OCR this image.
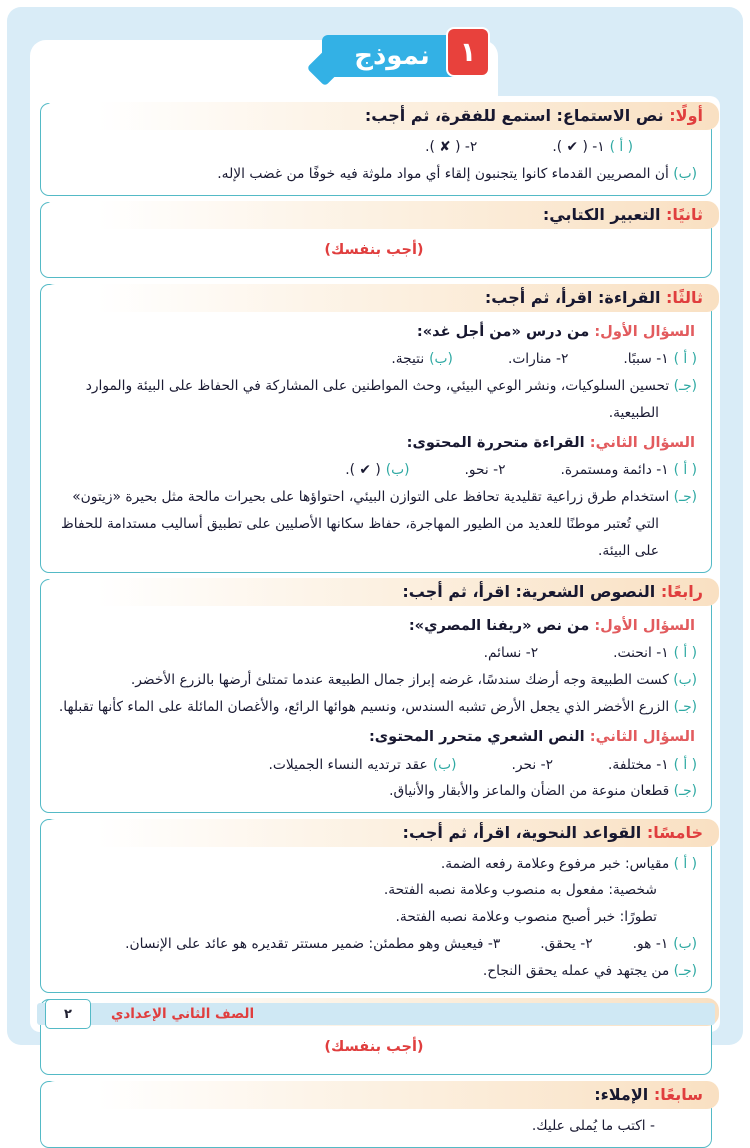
نموذج ١
أولًا: نص الاستماع: استمع للفقرة، ثم أجب:
( أ )
١- ( ✔ ).
٢- ( ✘ ).
(ب) أن المصريين القدماء كانوا يتجنبون إلقاء أي مواد ملوثة فيه خوفًا من غضب الإله.
ثانيًا: التعبير الكتابي:
(أجب بنفسك)
ثالثًا: القراءة: اقرأ، ثم أجب:
السؤال الأول: من درس «من أجل غد»:
( أ )
١- سببًا.
٢- منارات.
(ب)
نتيجة.
(جـ) تحسين السلوكيات، ونشر الوعي البيئي، وحث المواطنين على المشاركة في الحفاظ على البيئة والموارد الطبيعية.
السؤال الثاني: القراءة متحررة المحتوى:
( أ )
١- دائمة ومستمرة.
٢- نحو.
(ب)
( ✔ ).
(جـ) استخدام طرق زراعية تقليدية تحافظ على التوازن البيئي، احتواؤها على بحيرات مالحة مثل بحيرة «زيتون» التي تُعتبر موطنًا للعديد من الطيور المهاجرة، حفاظ سكانها الأصليين على تطبيق أساليب مستدامة للحفاظ على البيئة.
رابعًا: النصوص الشعرية: اقرأ، ثم أجب:
السؤال الأول: من نص «ريفنا المصري»:
( أ )
١- انحنت.
٢- نسائم.
(ب) كست الطبيعة وجه أرضك سندسًا، غرضه إبراز جمال الطبيعة عندما تمتلئ أرضها بالزرع الأخضر.
(جـ) الزرع الأخضر الذي يجعل الأرض تشبه السندس، ونسيم هوائها الرائع، والأغصان المائلة على الماء كأنها تقبلها.
السؤال الثاني: النص الشعري متحرر المحتوى:
( أ )
١- مختلفة.
٢- نحر.
(ب)
عقد ترتديه النساء الجميلات.
(جـ) قطعان منوعة من الضأن والماعز والأبقار والأنياق.
خامسًا: القواعد النحوية، اقرأ، ثم أجب:
( أ ) مقياس: خبر مرفوع وعلامة رفعه الضمة.
شخصية: مفعول به منصوب وعلامة نصبه الفتحة.
تطورًا: خبر أصبح منصوب وعلامة نصبه الفتحة.
(ب)
١- هو.
٢- يحقق.
٣- فيعيش وهو مطمئن: ضمير مستتر تقديره هو عائد على الإنسان.
(جـ) من يجتهد في عمله يحقق النجاح.
(أجب بنفسك)
سابعًا: الإملاء:
- اكتب ما يُملى عليك.
٢	الصف الثاني الإعدادي
